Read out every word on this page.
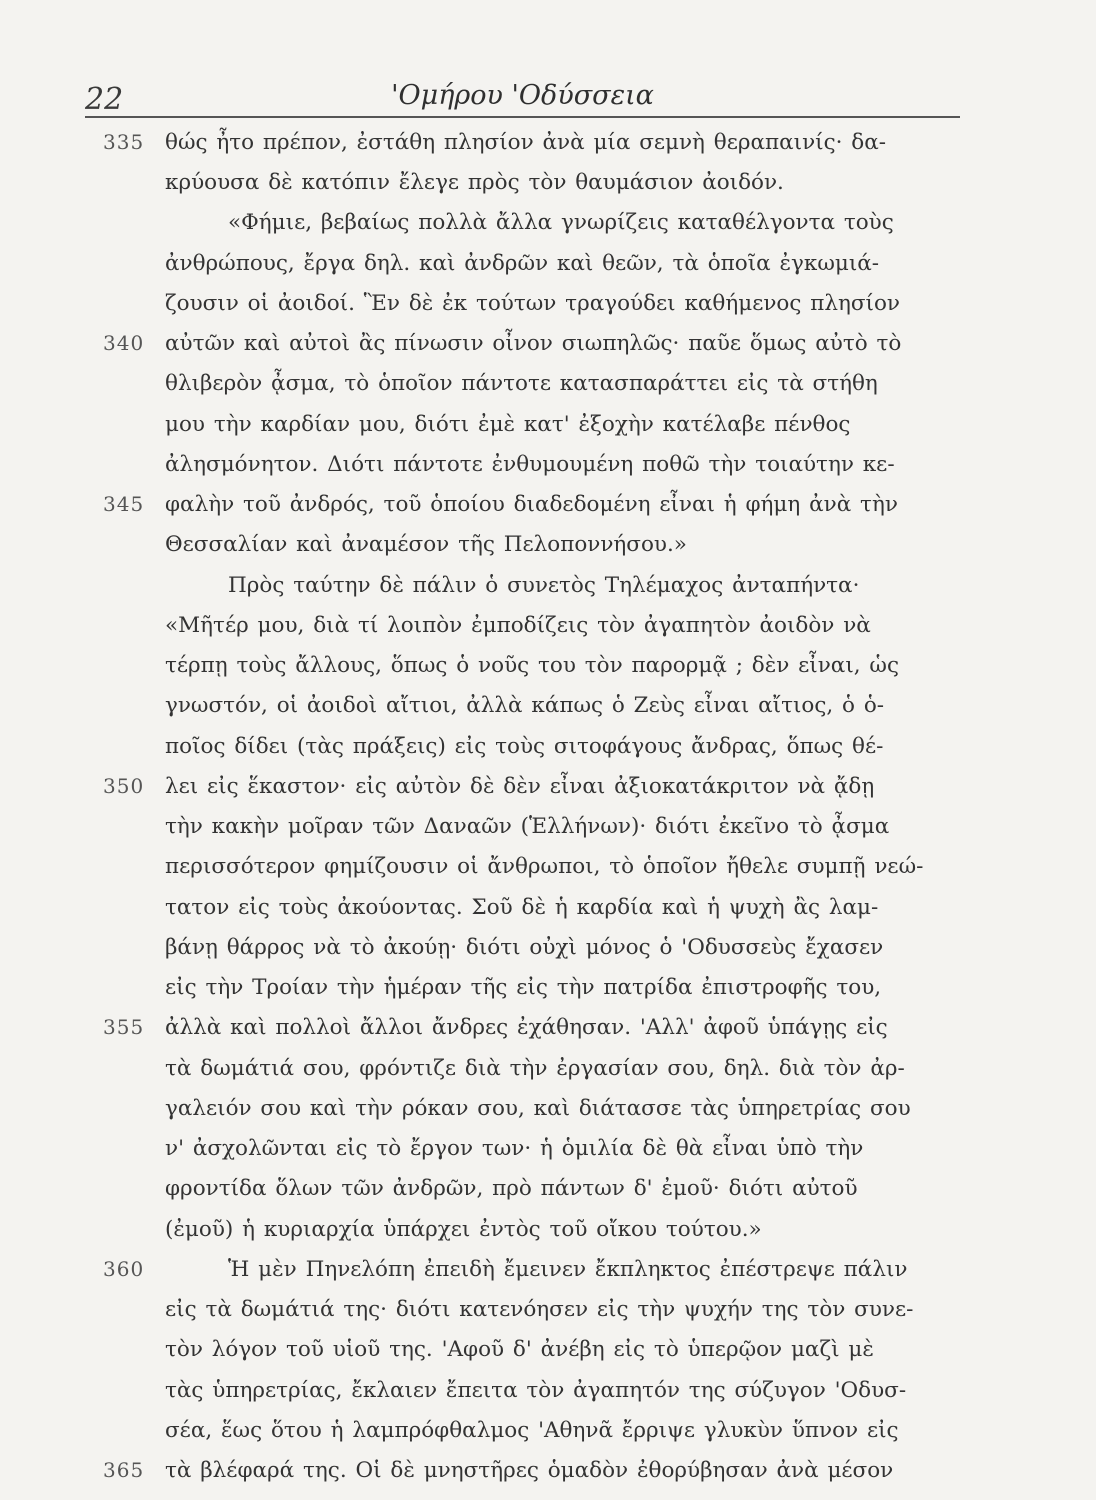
22	'Ομήρου 'Οδύσσεια
335 θώς ἦτο πρέπον, ἐστάθη πλησίον ἀνὰ μία σεμνὴ θεραπαινίς· δα-
κρύουσα δὲ κατόπιν ἔλεγε πρὸς τὸν θαυμάσιον ἀοιδόν.
«Φήμιε, βεβαίως πολλὰ ἄλλα γνωρίζεις καταθέλγοντα τοὺς
ἀνθρώπους, ἔργα δηλ. καὶ ἀνδρῶν καὶ θεῶν, τὰ ὁποῖα ἐγκωμιά-
ζουσιν οἱ ἀοιδοί. Ἓν δὲ ἐκ τούτων τραγούδει καθήμενος πλησίον
340 αὐτῶν καὶ αὐτοὶ ἂς πίνωσιν οἶνον σιωπηλῶς· παῦε ὅμως αὐτὸ τὸ
θλιβερὸν ᾆσμα, τὸ ὁποῖον πάντοτε κατασπαράττει εἰς τὰ στήθη
μου τὴν καρδίαν μου, διότι ἐμὲ κατ' ἐξοχὴν κατέλαβε πένθος
ἀλησμόνητον. Διότι πάντοτε ἐνθυμουμένη ποθῶ τὴν τοιαύτην κε-
345 φαλὴν τοῦ ἀνδρός, τοῦ ὁποίου διαδεδομένη εἶναι ἡ φήμη ἀνὰ τὴν
Θεσσαλίαν καὶ ἀναμέσον τῆς Πελοποννήσου.»
Πρὸς ταύτην δὲ πάλιν ὁ συνετὸς Τηλέμαχος ἀνταπήντα·
«Μῆτέρ μου, διὰ τί λοιπὸν ἐμποδίζεις τὸν ἀγαπητὸν ἀοιδὸν νὰ
τέρπῃ τοὺς ἄλλους, ὅπως ὁ νοῦς του τὸν παρορμᾷ ; δὲν εἶναι, ὡς
γνωστόν, οἱ ἀοιδοὶ αἴτιοι, ἀλλὰ κάπως ὁ Ζεὺς εἶναι αἴτιος, ὁ ὁ-
ποῖος δίδει (τὰς πράξεις) εἰς τοὺς σιτοφάγους ἄνδρας, ὅπως θέ-
350 λει εἰς ἕκαστον· εἰς αὐτὸν δὲ δὲν εἶναι ἀξιοκατάκριτον νὰ ᾄδῃ
τὴν κακὴν μοῖραν τῶν Δαναῶν (Ἑλλήνων)· διότι ἐκεῖνο τὸ ᾆσμα
περισσότερον φημίζουσιν οἱ ἄνθρωποι, τὸ ὁποῖον ἤθελε συμπῇ νεώ-
τατον εἰς τοὺς ἀκούοντας. Σοῦ δὲ ἡ καρδία καὶ ἡ ψυχὴ ἂς λαμ-
βάνῃ θάρρος νὰ τὸ ἀκούῃ· διότι οὐχὶ μόνος ὁ 'Οδυσσεὺς ἔχασεν
εἰς τὴν Τροίαν τὴν ἡμέραν τῆς εἰς τὴν πατρίδα ἐπιστροφῆς του,
355 ἀλλὰ καὶ πολλοὶ ἄλλοι ἄνδρες ἐχάθησαν. 'Αλλ' ἀφοῦ ὑπάγῃς εἰς
τὰ δωμάτιά σου, φρόντιζε διὰ τὴν ἐργασίαν σου, δηλ. διὰ τὸν ἀρ-
γαλειόν σου καὶ τὴν ρόκαν σου, καὶ διάτασσε τὰς ὑπηρετρίας σου
ν' ἀσχολῶνται εἰς τὸ ἔργον των· ἡ ὁμιλία δὲ θὰ εἶναι ὑπὸ τὴν
φροντίδα ὅλων τῶν ἀνδρῶν, πρὸ πάντων δ' ἐμοῦ· διότι αὐτοῦ
(ἐμοῦ) ἡ κυριαρχία ὑπάρχει ἐντὸς τοῦ οἴκου τούτου.»
360	Ἡ μὲν Πηνελόπη ἐπειδὴ ἔμεινεν ἔκπληκτος ἐπέστρεψε πάλιν
εἰς τὰ δωμάτιά της· διότι κατενόησεν εἰς τὴν ψυχήν της τὸν συνε-
τὸν λόγον τοῦ υἱοῦ της. 'Αφοῦ δ' ἀνέβη εἰς τὸ ὑπερῷον μαζὶ μὲ
τὰς ὑπηρετρίας, ἔκλαιεν ἔπειτα τὸν ἀγαπητόν της σύζυγον 'Οδυσ-
σέα, ἕως ὅτου ἡ λαμπρόφθαλμος 'Αθηνᾶ ἔρριψε γλυκὺν ὕπνον εἰς
365 τὰ βλέφαρά της. Οἱ δὲ μνηστῆρες ὁμαδὸν ἐθορύβησαν ἀνὰ μέσον
